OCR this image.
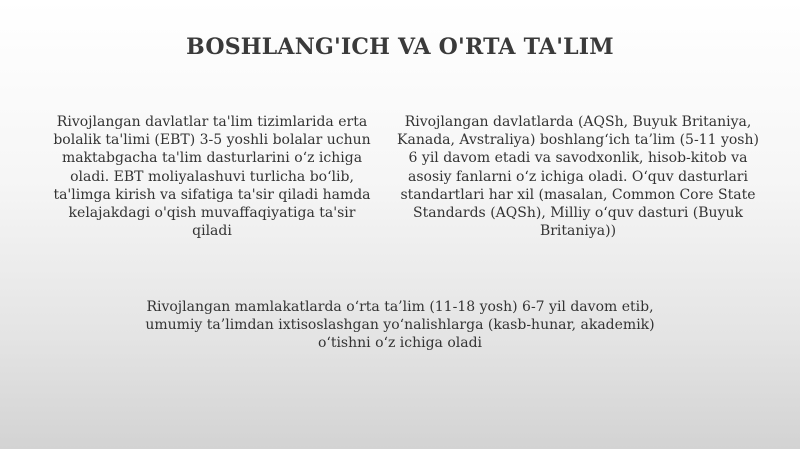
BOSHLANG'ICH VA O'RTA TA'LIM

Rivojlangan davlatlar ta'lim tizimlarida erta bolalik ta'limi (EBT) 3-5 yoshli bolalar uchun maktabgacha ta'lim dasturlarini o‘z ichiga oladi. EBT moliyalashuvi turlicha bo‘lib, ta'limga kirish va sifatiga ta'sir qiladi hamda kelajakdagi o'qish muvaffaqiyatiga ta'sir qiladi

Rivojlangan davlatlarda (AQSh, Buyuk Britaniya, Kanada, Avstraliya) boshlang‘ich ta’lim (5-11 yosh) 6 yil davom etadi va savodxonlik, hisob-kitob va asosiy fanlarni o‘z ichiga oladi. O‘quv dasturlari standartlari har xil (masalan, Common Core State Standards (AQSh), Milliy o‘quv dasturi (Buyuk Britaniya))

Rivojlangan mamlakatlarda o‘rta ta’lim (11-18 yosh) 6-7 yil davom etib, umumiy ta’limdan ixtisoslashgan yo‘nalishlarga (kasb-hunar, akademik) o‘tishni o‘z ichiga oladi
